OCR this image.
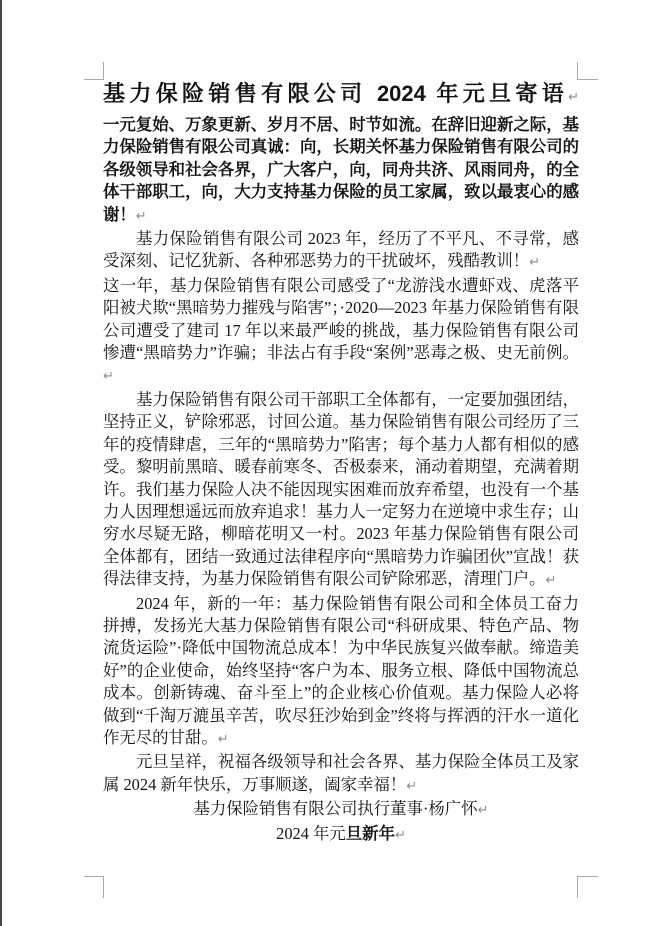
基力保险销售有限公司 2024 年元旦寄语↵

一元复始、万象更新、岁月不居、时节如流。在辞旧迎新之际，基力保险销售有限公司真诚：向，长期关怀基力保险销售有限公司的各级领导和社会各界，广大客户，向，同舟共济、风雨同舟，的全体干部职工，向，大力支持基力保险的员工家属，致以最衷心的感谢！↵

基力保险销售有限公司 2023 年，经历了不平凡、不寻常，感受深刻、记忆犹新、各种邪恶势力的干扰破坏，残酷教训！↵

这一年，基力保险销售有限公司感受了“龙游浅水遭虾戏、虎落平阳被犬欺“黑暗势力摧残与陷害”；·2020—2023 年基力保险销售有限公司遭受了建司 17 年以来最严峻的挑战，基力保险销售有限公司惨遭“黑暗势力”诈骗；非法占有手段“案例”恶毒之极、史无前例。↵

基力保险销售有限公司干部职工全体都有，一定要加强团结，坚持正义，铲除邪恶，讨回公道。基力保险销售有限公司经历了三年的疫情肆虐，三年的“黑暗势力”陷害；每个基力人都有相似的感受。黎明前黑暗、暖春前寒冬、否极泰来，涌动着期望，充满着期许。我们基力保险人决不能因现实困难而放弃希望，也没有一个基力人因理想遥远而放弃追求！基力人一定努力在逆境中求生存；山穷水尽疑无路，柳暗花明又一村。2023 年基力保险销售有限公司全体都有，团结一致通过法律程序向“黑暗势力诈骗团伙”宣战！获得法律支持，为基力保险销售有限公司铲除邪恶，清理门户。↵

2024 年，新的一年：基力保险销售有限公司和全体员工奋力拼搏，发扬光大基力保险销售有限公司“科研成果、特色产品、物流货运险”·降低中国物流总成本！为中华民族复兴做奉献。缔造美好”的企业使命，始终坚持“客户为本、服务立根、降低中国物流总成本。创新铸魂、奋斗至上”的企业核心价值观。基力保险人必将做到“千淘万漉虽辛苦，吹尽狂沙始到金”终将与挥洒的汗水一道化作无尽的甘甜。↵

元旦呈祥，祝福各级领导和社会各界、基力保险全体员工及家属 2024 新年快乐，万事顺遂，阖家幸福！↵

基力保险销售有限公司执行董事·杨广怀↵

2024 年元旦新年↵
